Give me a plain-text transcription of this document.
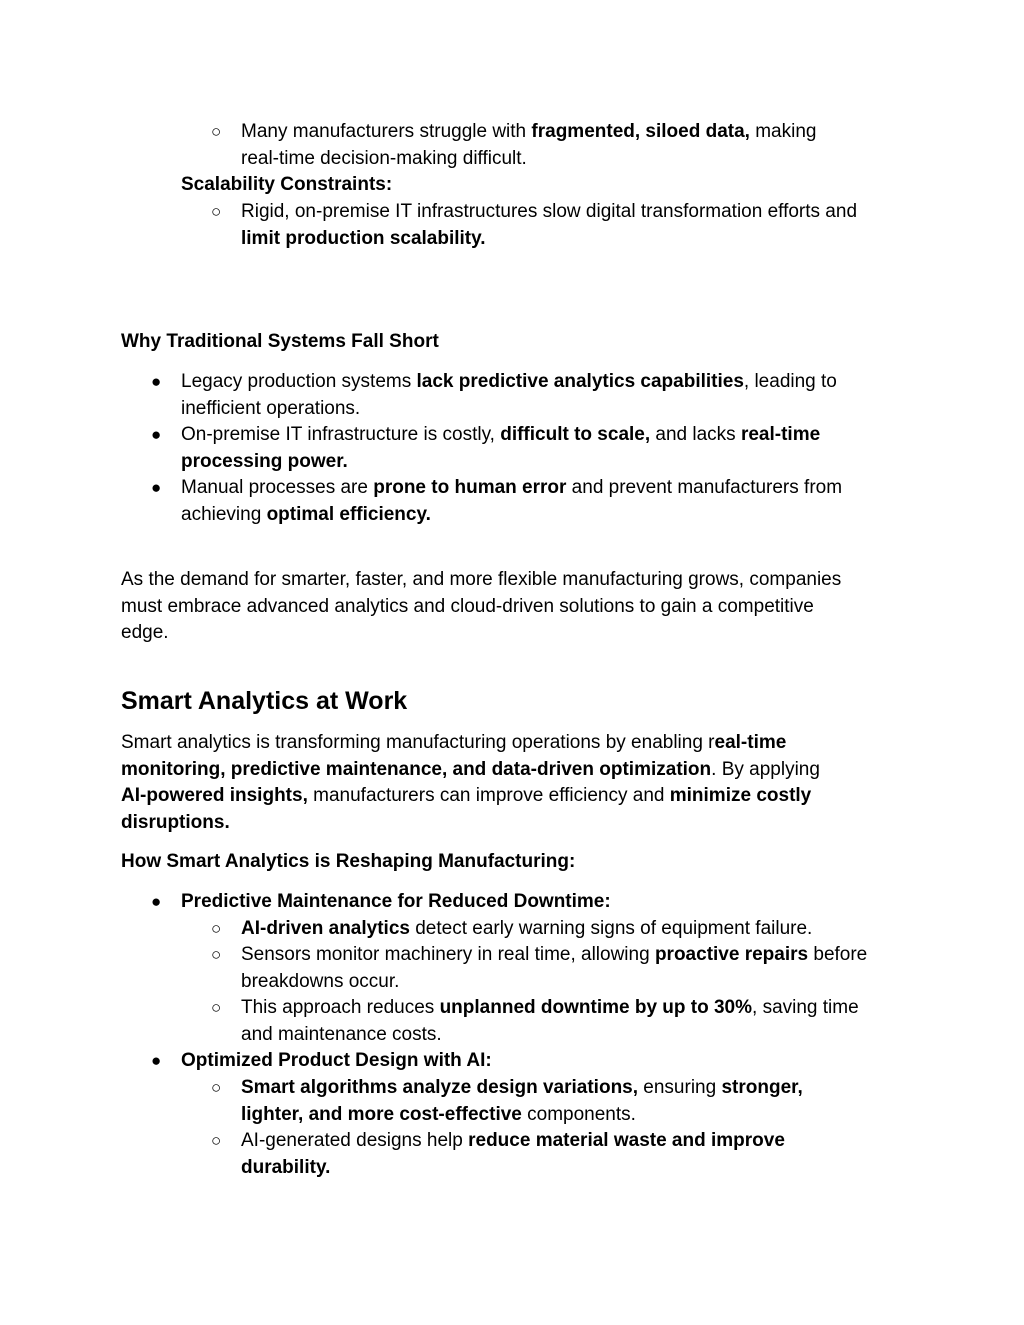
○	Many manufacturers struggle with fragmented, siloed data, making
real-time decision-making difficult.
Scalability Constraints:
○	Rigid, on-premise IT infrastructures slow digital transformation efforts and
limit production scalability.
Why Traditional Systems Fall Short
●	Legacy production systems lack predictive analytics capabilities, leading to
inefficient operations.
●	On-premise IT infrastructure is costly, difficult to scale, and lacks real-time
processing power.
●	Manual processes are prone to human error and prevent manufacturers from
achieving optimal efficiency.
As the demand for smarter, faster, and more flexible manufacturing grows, companies
must embrace advanced analytics and cloud-driven solutions to gain a competitive
edge.
Smart Analytics at Work
Smart analytics is transforming manufacturing operations by enabling real-time
monitoring, predictive maintenance, and data-driven optimization. By applying
AI-powered insights, manufacturers can improve efficiency and minimize costly
disruptions.
How Smart Analytics is Reshaping Manufacturing:
●	Predictive Maintenance for Reduced Downtime:
○	AI-driven analytics detect early warning signs of equipment failure.
○	Sensors monitor machinery in real time, allowing proactive repairs before
breakdowns occur.
○	This approach reduces unplanned downtime by up to 30%, saving time
and maintenance costs.
●	Optimized Product Design with AI:
○	Smart algorithms analyze design variations, ensuring stronger,
lighter, and more cost-effective components.
○	AI-generated designs help reduce material waste and improve
durability.
